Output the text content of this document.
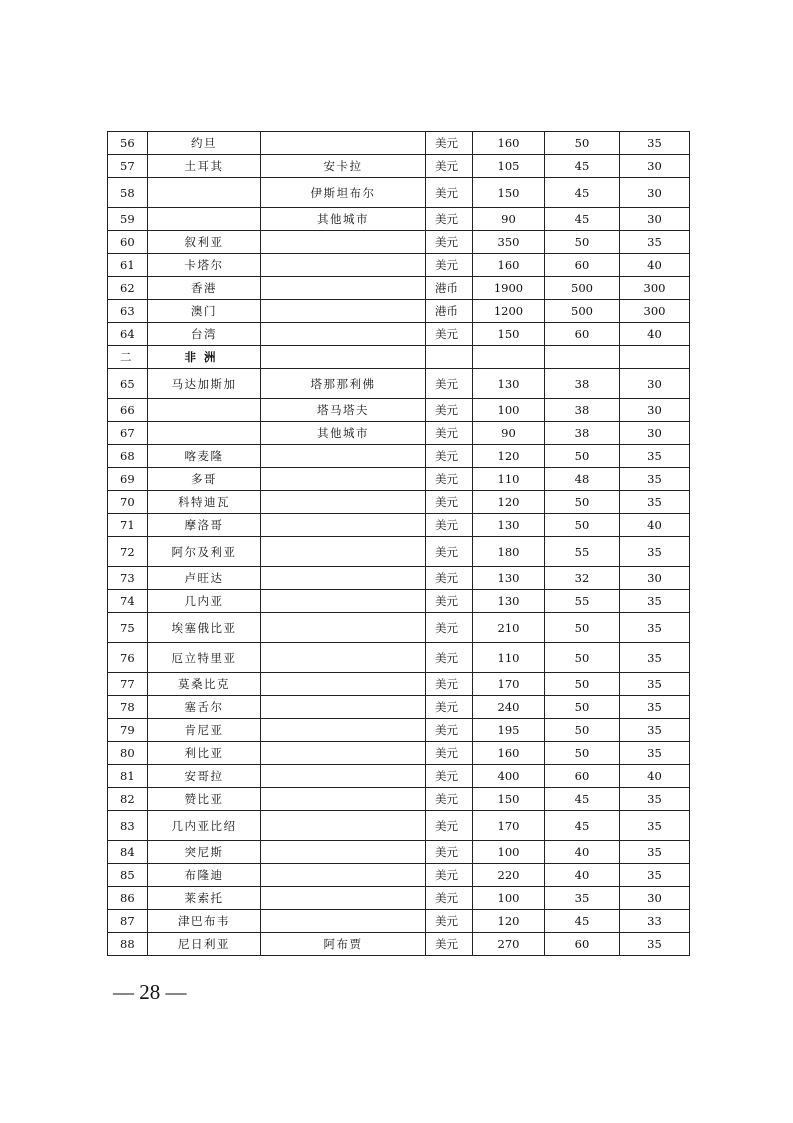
56	约旦		美元	160	50	35
57	土耳其	安卡拉	美元	105	45	30
58		伊斯坦布尔	美元	150	45	30
59		其他城市	美元	90	45	30
60	叙利亚		美元	350	50	35
61	卡塔尔		美元	160	60	40
62	香港		港币	1900	500	300
63	澳门		港币	1200	500	300
64	台湾		美元	150	60	40
二	非洲					
65	马达加斯加	塔那那利佛	美元	130	38	30
66		塔马塔夫	美元	100	38	30
67		其他城市	美元	90	38	30
68	喀麦隆		美元	120	50	35
69	多哥		美元	110	48	35
70	科特迪瓦		美元	120	50	35
71	摩洛哥		美元	130	50	40
72	阿尔及利亚		美元	180	55	35
73	卢旺达		美元	130	32	30
74	几内亚		美元	130	55	35
75	埃塞俄比亚		美元	210	50	35
76	厄立特里亚		美元	110	50	35
77	莫桑比克		美元	170	50	35
78	塞舌尔		美元	240	50	35
79	肯尼亚		美元	195	50	35
80	利比亚		美元	160	50	35
81	安哥拉		美元	400	60	40
82	赞比亚		美元	150	45	35
83	几内亚比绍		美元	170	45	35
84	突尼斯		美元	100	40	35
85	布隆迪		美元	220	40	35
86	莱索托		美元	100	35	30
87	津巴布韦		美元	120	45	33
88	尼日利亚	阿布贾	美元	270	60	35
— 28 —
